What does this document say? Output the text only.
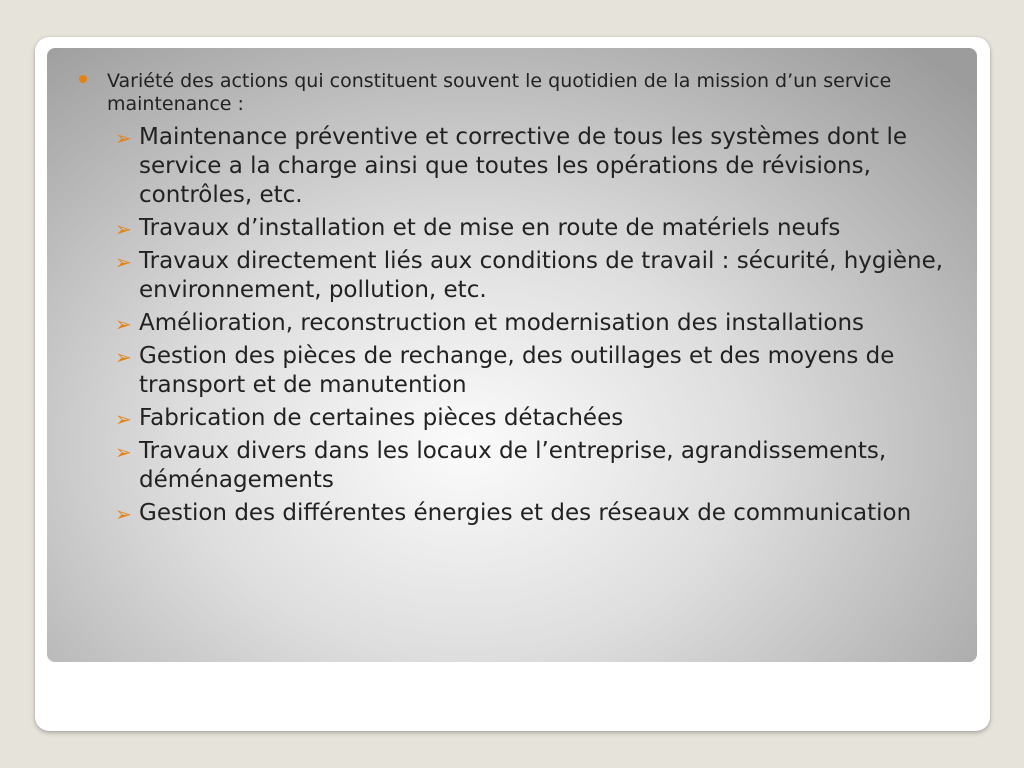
Variété des actions qui constituent souvent le quotidien de la mission d’un service maintenance :
➢ Maintenance préventive et corrective de tous les systèmes dont le service a la charge ainsi que toutes les opérations de révisions, contrôles, etc.
➢ Travaux d’installation et de mise en route de matériels neufs
➢ Travaux directement liés aux conditions de travail : sécurité, hygiène, environnement, pollution, etc.
➢ Amélioration, reconstruction et modernisation des installations
➢ Gestion des pièces de rechange, des outillages et des moyens de transport et de manutention
➢ Fabrication de certaines pièces détachées
➢ Travaux divers dans les locaux de l’entreprise, agrandissements, déménagements
➢ Gestion des différentes énergies et des réseaux de communication
